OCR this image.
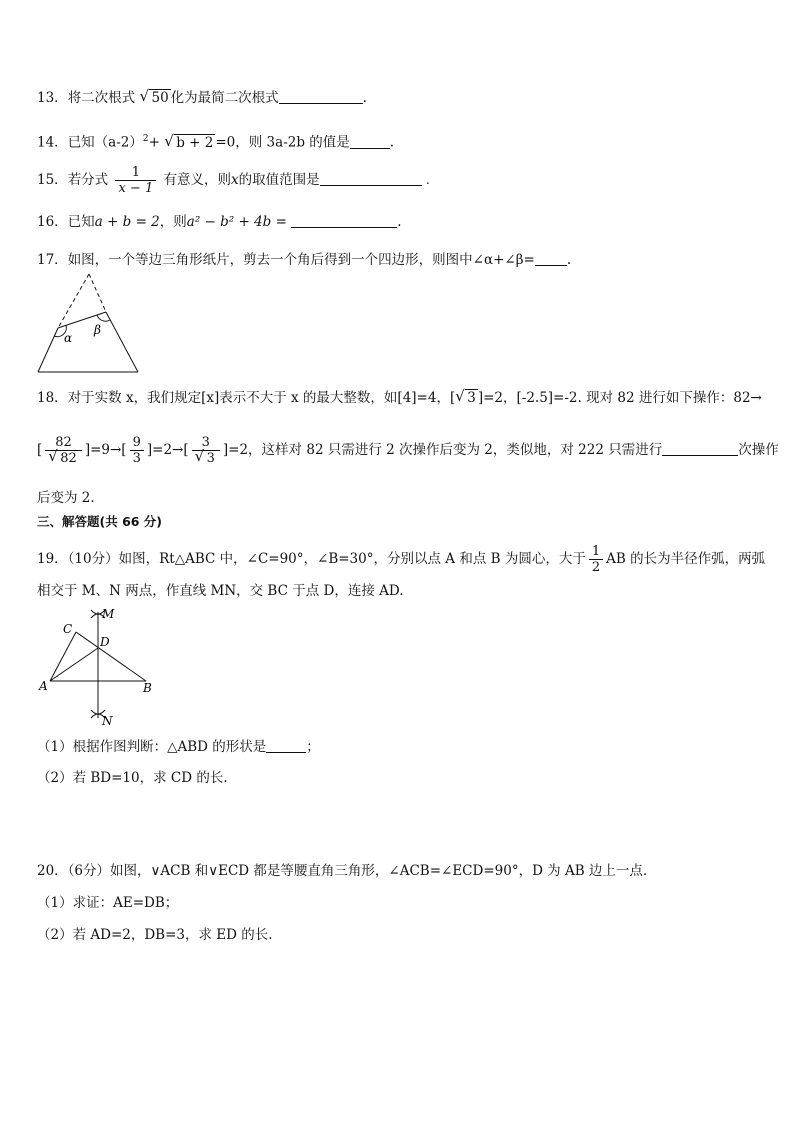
13．将二次根式 √ 50 化为最简二次根式	.
14．已知$(a-2)^2+$ √ b + 2 =0，则 3a-2b 的值是	.
15．若分式 $\frac{1}{x - 1}$ 有意义，则x的取值范围是	.
16．已知a + b = 2，则a² − b² + 4b =	.
17．如图，一个等边三角形纸片，剪去一个角后得到一个四边形，则图中∠α+∠β= .
α
β
18．对于实数 x，我们规定[x]表示不大于 x 的最大整数，如[4]=4，[ √ 3 ]=2，[-2.5]=-2. 现对 82 进行如下操作：82→
[ $\frac{82}{√ 82} ]=9\to[ \frac{9}{3} ]=2\to[ \frac{3}{√ 3} ]=2$，这样对 82 只需进行 2 次操作后变为 2，类似地，对 222 只需进行	次操作
后变为 2.
三、解答题(共 66 分)
19．（10分）如图，Rt△ABC 中，∠C=90°，∠B=30°，分别以点 A 和点 B 为圆心，大于 $\frac{1}{2}$ AB 的长为半径作弧，两弧
相交于 M、N 两点，作直线 MN，交 BC 于点 D，连接 AD.
C
M
D
A	B
N
（1）根据作图判断：△ABD 的形状是	；
（2）若 BD=10，求 CD 的长.
20．（6分）如图，∨ACB 和∨ECD 都是等腰直角三角形，∠ACB=∠ECD=90°，D 为 AB 边上一点.
（1）求证：AE=DB；
（2）若 AD=2，DB=3，求 ED 的长.
